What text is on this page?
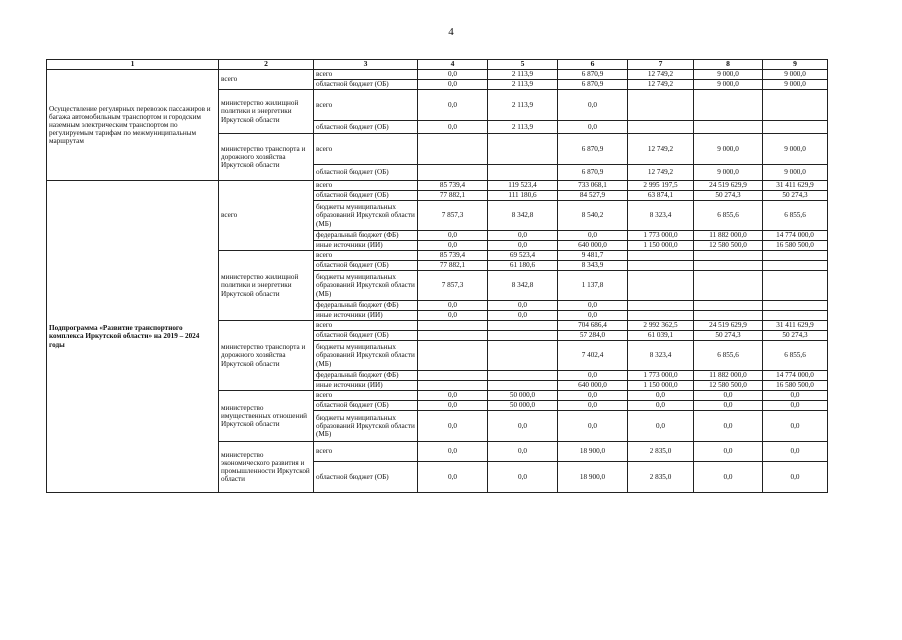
4
1	2	3	4	5	6	7	8	9
Осуществление регулярных перевозок пассажиров и багажа автомобильным транспортом и городским наземным электрическим транспортом по регулируемым тарифам по межмуниципальным маршрутам	всего	всего	0,0	2 113,9	6 870,9	12 749,2	9 000,0	9 000,0
		областной бюджет (ОБ)	0,0	2 113,9	6 870,9	12 749,2	9 000,0	9 000,0
	министерство жилищной политики и энергетики Иркутской области	всего	0,0	2 113,9	0,0			
		областной бюджет (ОБ)	0,0	2 113,9	0,0			
	министерство транспорта и дорожного хозяйства Иркутской области	всего			6 870,9	12 749,2	9 000,0	9 000,0
		областной бюджет (ОБ)			6 870,9	12 749,2	9 000,0	9 000,0
Подпрограмма «Развитие транспортного комплекса Иркутской области» на 2019 – 2024 годы	всего	всего	85 739,4	119 523,4	733 068,1	2 995 197,5	24 519 629,9	31 411 629,9
		областной бюджет (ОБ)	77 882,1	111 180,6	84 527,9	63 874,1	50 274,3	50 274,3
		бюджеты муниципальных образований Иркутской области (МБ)	7 857,3	8 342,8	8 540,2	8 323,4	6 855,6	6 855,6
		федеральный бюджет (ФБ)	0,0	0,0	0,0	1 773 000,0	11 882 000,0	14 774 000,0
		иные источники (ИИ)	0,0	0,0	640 000,0	1 150 000,0	12 580 500,0	16 580 500,0
	министерство жилищной политики и энергетики Иркутской области	всего	85 739,4	69 523,4	9 481,7			
		областной бюджет (ОБ)	77 882,1	61 180,6	8 343,9			
		бюджеты муниципальных образований Иркутской области (МБ)	7 857,3	8 342,8	1 137,8			
		федеральный бюджет (ФБ)	0,0	0,0	0,0			
		иные источники (ИИ)	0,0	0,0	0,0			
	министерство транспорта и дорожного хозяйства Иркутской области	всего			704 686,4	2 992 362,5	24 519 629,9	31 411 629,9
		областной бюджет (ОБ)			57 284,0	61 039,1	50 274,3	50 274,3
		бюджеты муниципальных образований Иркутской области (МБ)			7 402,4	8 323,4	6 855,6	6 855,6
		федеральный бюджет (ФБ)			0,0	1 773 000,0	11 882 000,0	14 774 000,0
		иные источники (ИИ)			640 000,0	1 150 000,0	12 580 500,0	16 580 500,0
	министерство имущественных отношений Иркутской области	всего	0,0	50 000,0	0,0	0,0	0,0	0,0
		областной бюджет (ОБ)	0,0	50 000,0	0,0	0,0	0,0	0,0
		бюджеты муниципальных образований Иркутской области (МБ)	0,0	0,0	0,0	0,0	0,0	0,0
	министерство экономического развития и промышленности Иркутской области	всего	0,0	0,0	18 900,0	2 835,0	0,0	0,0
		областной бюджет (ОБ)	0,0	0,0	18 900,0	2 835,0	0,0	0,0
